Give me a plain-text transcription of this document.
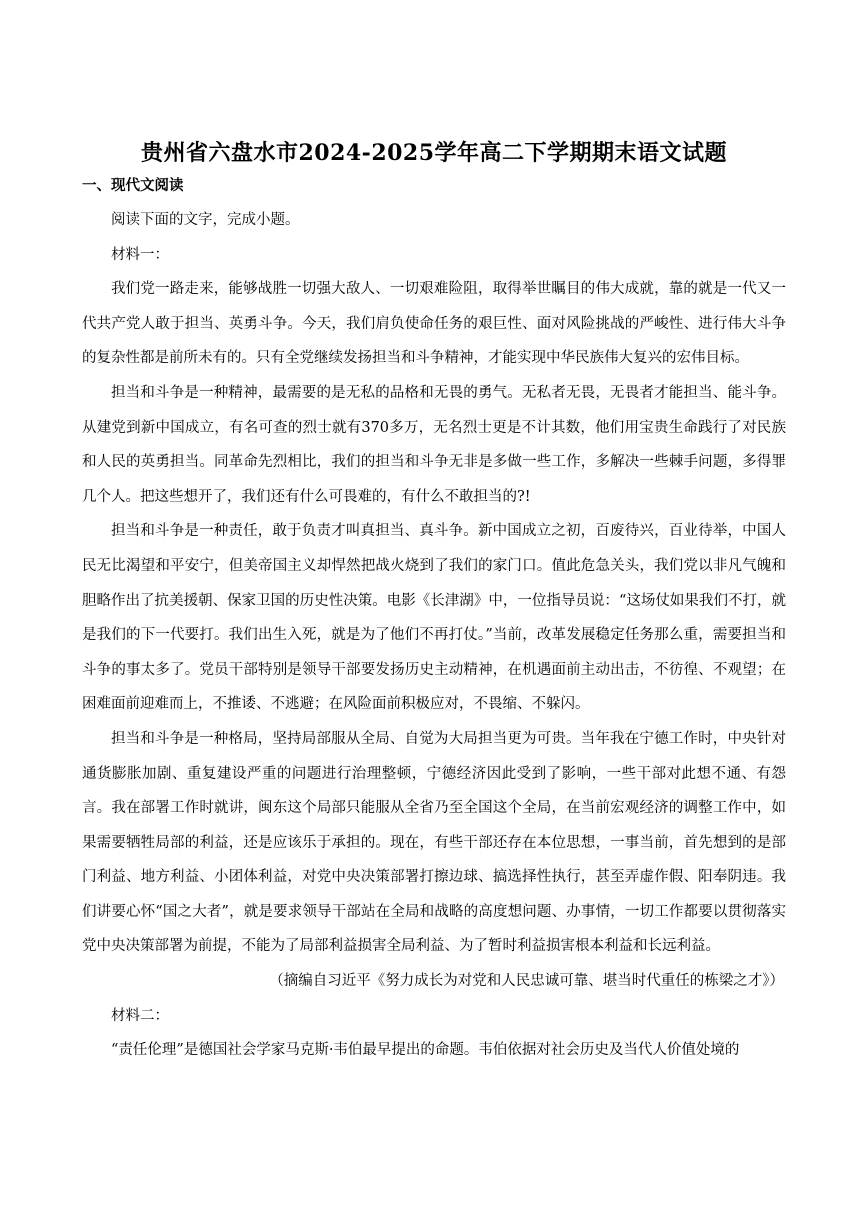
贵州省六盘水市2024-2025学年高二下学期期末语文试题
一、现代文阅读

阅读下面的文字，完成小题。

材料一：

我们党一路走来，能够战胜一切强大敌人、一切艰难险阻，取得举世瞩目的伟大成就，靠的就是一代又一代共产党人敢于担当、英勇斗争。今天，我们肩负使命任务的艰巨性、面对风险挑战的严峻性、进行伟大斗争的复杂性都是前所未有的。只有全党继续发扬担当和斗争精神，才能实现中华民族伟大复兴的宏伟目标。

担当和斗争是一种精神，最需要的是无私的品格和无畏的勇气。无私者无畏，无畏者才能担当、能斗争。从建党到新中国成立，有名可查的烈士就有370多万，无名烈士更是不计其数，他们用宝贵生命践行了对民族和人民的英勇担当。同革命先烈相比，我们的担当和斗争无非是多做一些工作，多解决一些棘手问题，多得罪几个人。把这些想开了，我们还有什么可畏难的，有什么不敢担当的?!

担当和斗争是一种责任，敢于负责才叫真担当、真斗争。新中国成立之初，百废待兴，百业待举，中国人民无比渴望和平安宁，但美帝国主义却悍然把战火烧到了我们的家门口。值此危急关头，我们党以非凡气魄和胆略作出了抗美援朝、保家卫国的历史性决策。电影《长津湖》中，一位指导员说：“这场仗如果我们不打，就是我们的下一代要打。我们出生入死，就是为了他们不再打仗。”当前，改革发展稳定任务那么重，需要担当和斗争的事太多了。党员干部特别是领导干部要发扬历史主动精神，在机遇面前主动出击，不彷徨、不观望；在困难面前迎难而上，不推诿、不逃避；在风险面前积极应对，不畏缩、不躲闪。

担当和斗争是一种格局，坚持局部服从全局、自觉为大局担当更为可贵。当年我在宁德工作时，中央针对通货膨胀加剧、重复建设严重的问题进行治理整顿，宁德经济因此受到了影响，一些干部对此想不通、有怨言。我在部署工作时就讲，闽东这个局部只能服从全省乃至全国这个全局，在当前宏观经济的调整工作中，如果需要牺牲局部的利益，还是应该乐于承担的。现在，有些干部还存在本位思想，一事当前，首先想到的是部门利益、地方利益、小团体利益，对党中央决策部署打擦边球、搞选择性执行，甚至弄虚作假、阳奉阴违。我们讲要心怀“国之大者”，就是要求领导干部站在全局和战略的高度想问题、办事情，一切工作都要以贯彻落实党中央决策部署为前提，不能为了局部利益损害全局利益、为了暂时利益损害根本利益和长远利益。

（摘编自习近平《努力成长为对党和人民忠诚可靠、堪当时代重任的栋梁之才》）

材料二：

“责任伦理”是德国社会学家马克斯·韦伯最早提出的命题。韦伯依据对社会历史及当代人价值处境的
